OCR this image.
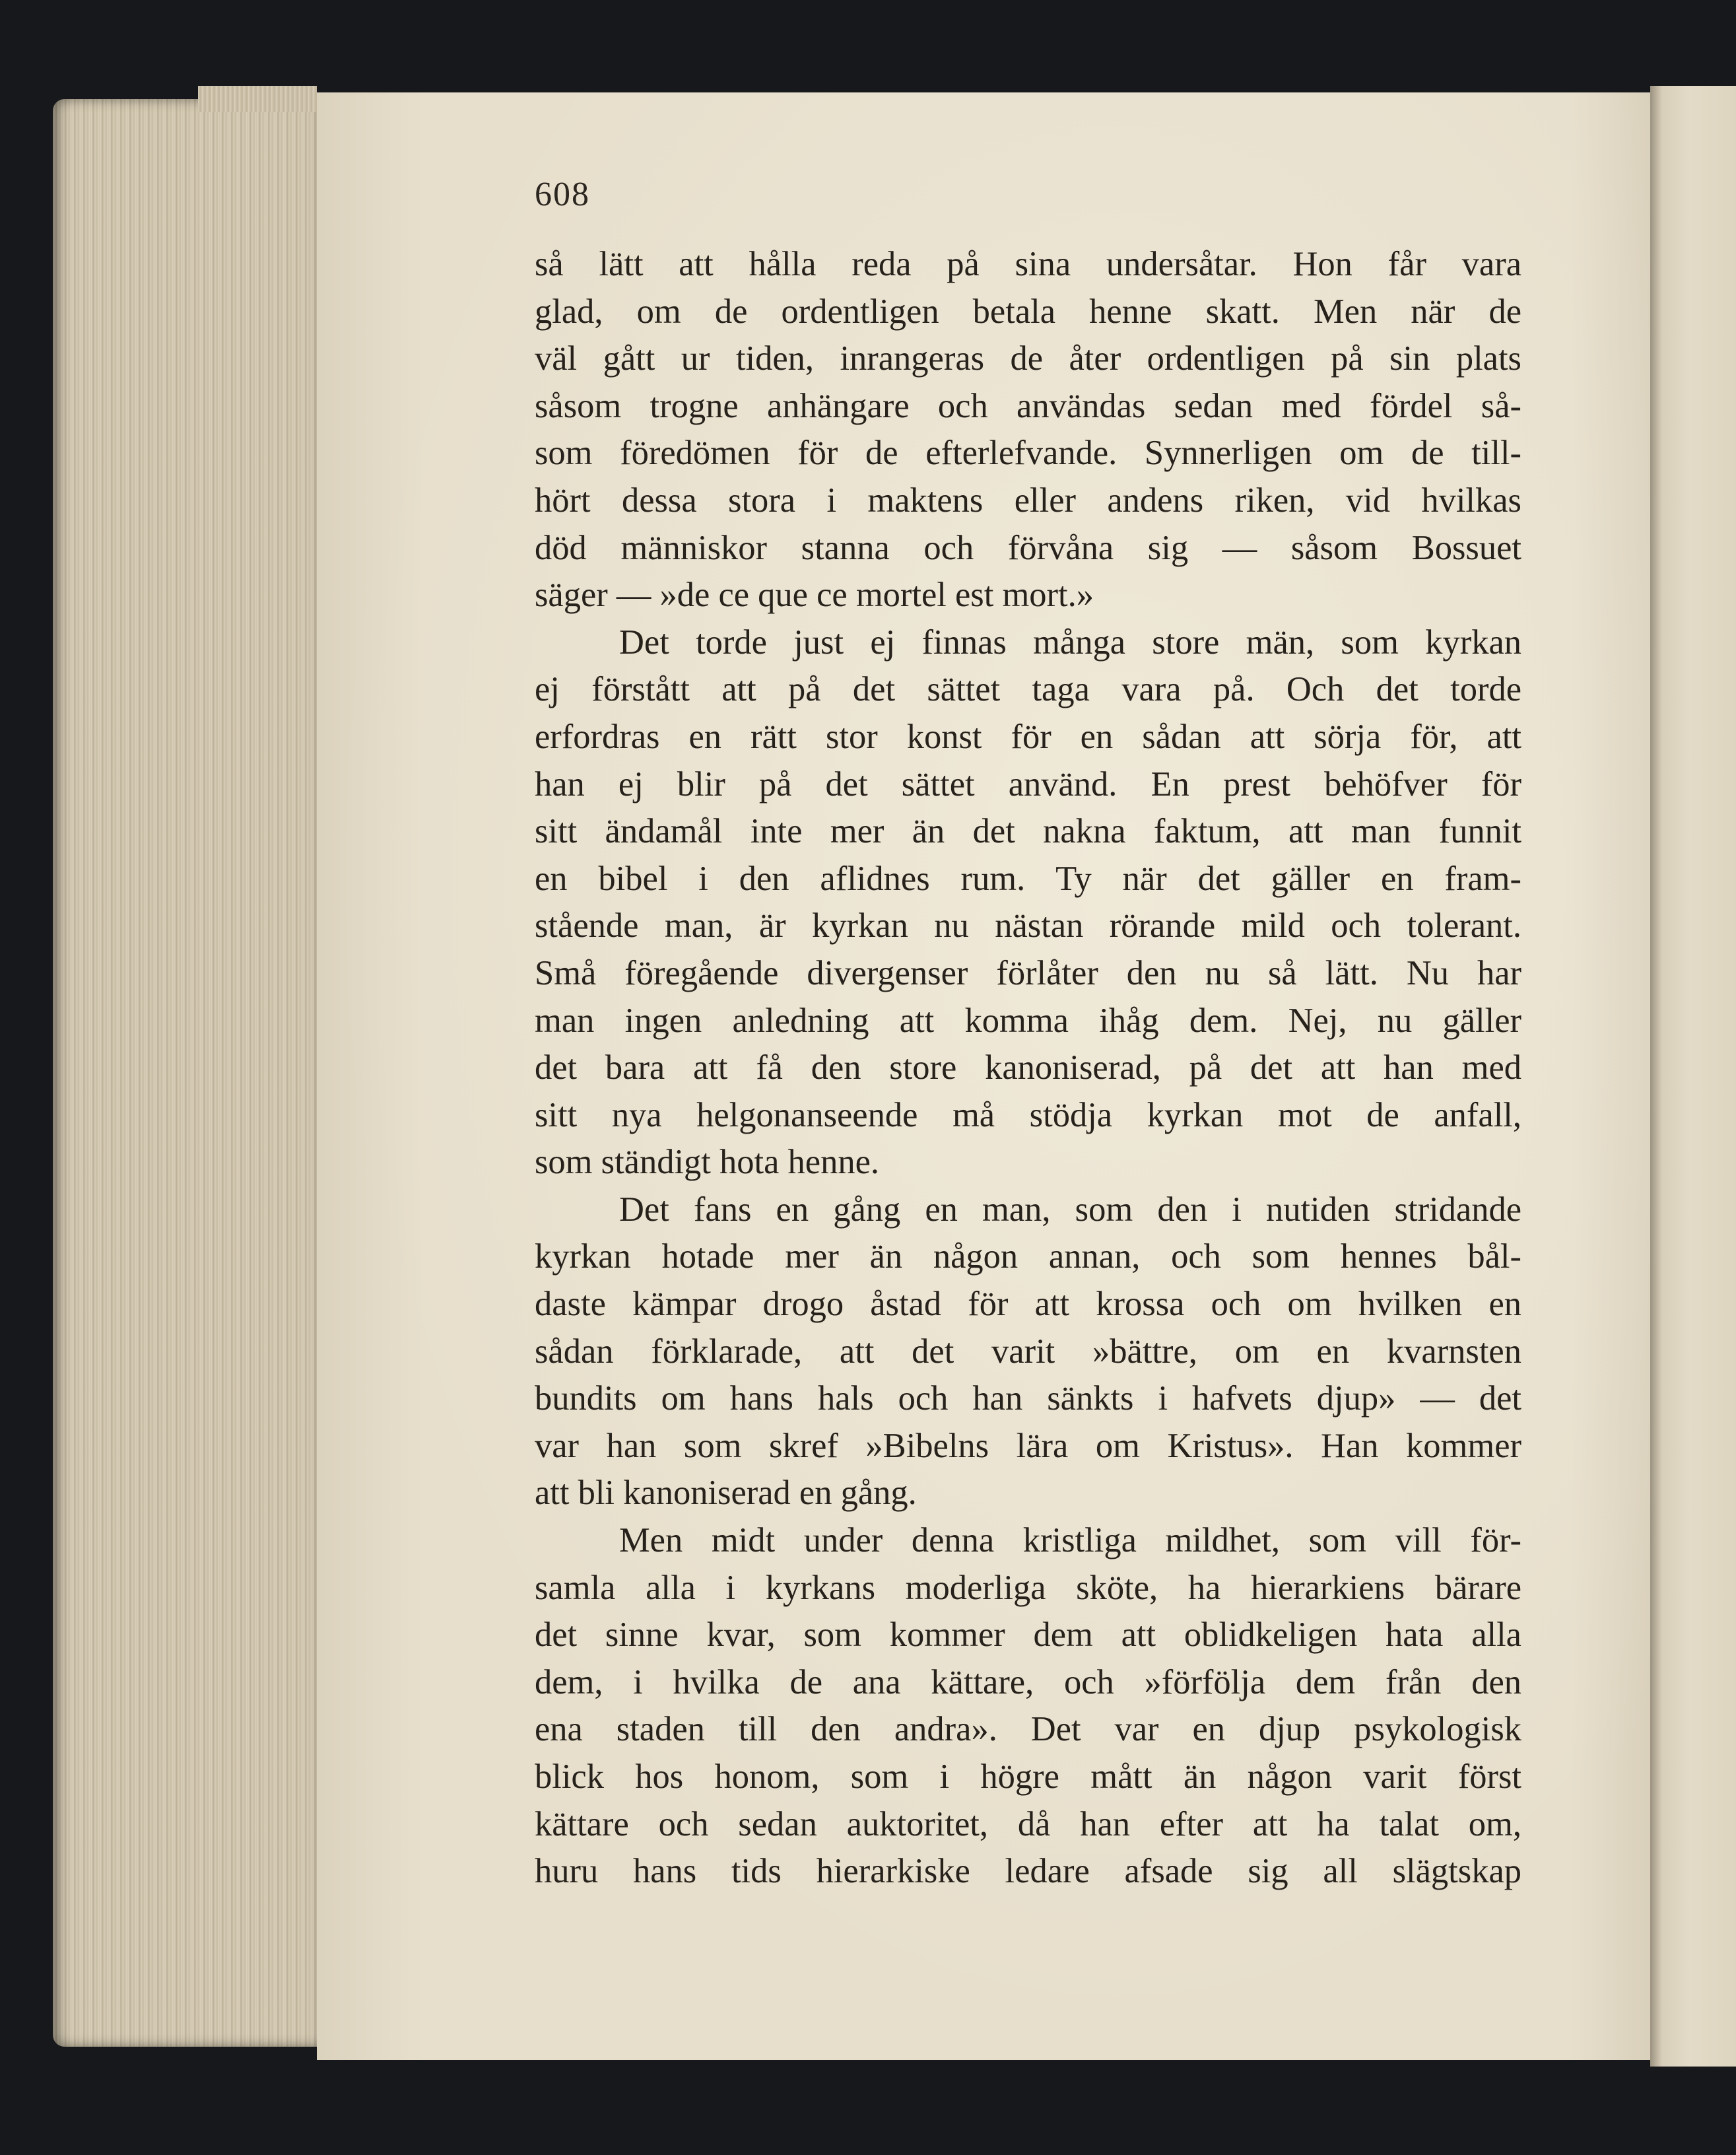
608
så lätt att hålla reda på sina undersåtar. Hon får vara
glad, om de ordentligen betala henne skatt. Men när de
väl gått ur tiden, inrangeras de åter ordentligen på sin plats
såsom trogne anhängare och användas sedan med fördel så-
som föredömen för de efterlefvande. Synnerligen om de till-
hört dessa stora i maktens eller andens riken, vid hvilkas
död människor stanna och förvåna sig — såsom Bossuet
säger — »de ce que ce mortel est mort.»
Det torde just ej finnas många store män, som kyrkan
ej förstått att på det sättet taga vara på. Och det torde
erfordras en rätt stor konst för en sådan att sörja för, att
han ej blir på det sättet använd. En prest behöfver för
sitt ändamål inte mer än det nakna faktum, att man funnit
en bibel i den aflidnes rum. Ty när det gäller en fram-
stående man, är kyrkan nu nästan rörande mild och tolerant.
Små föregående divergenser förlåter den nu så lätt. Nu har
man ingen anledning att komma ihåg dem. Nej, nu gäller
det bara att få den store kanoniserad, på det att han med
sitt nya helgonanseende må stödja kyrkan mot de anfall,
som ständigt hota henne.
Det fans en gång en man, som den i nutiden stridande
kyrkan hotade mer än någon annan, och som hennes bål-
daste kämpar drogo åstad för att krossa och om hvilken en
sådan förklarade, att det varit »bättre, om en kvarnsten
bundits om hans hals och han sänkts i hafvets djup» — det
var han som skref »Bibelns lära om Kristus». Han kommer
att bli kanoniserad en gång.
Men midt under denna kristliga mildhet, som vill för-
samla alla i kyrkans moderliga sköte, ha hierarkiens bärare
det sinne kvar, som kommer dem att oblidkeligen hata alla
dem, i hvilka de ana kättare, och »förfölja dem från den
ena staden till den andra». Det var en djup psykologisk
blick hos honom, som i högre mått än någon varit först
kättare och sedan auktoritet, då han efter att ha talat om,
huru hans tids hierarkiske ledare afsade sig all slägtskap
